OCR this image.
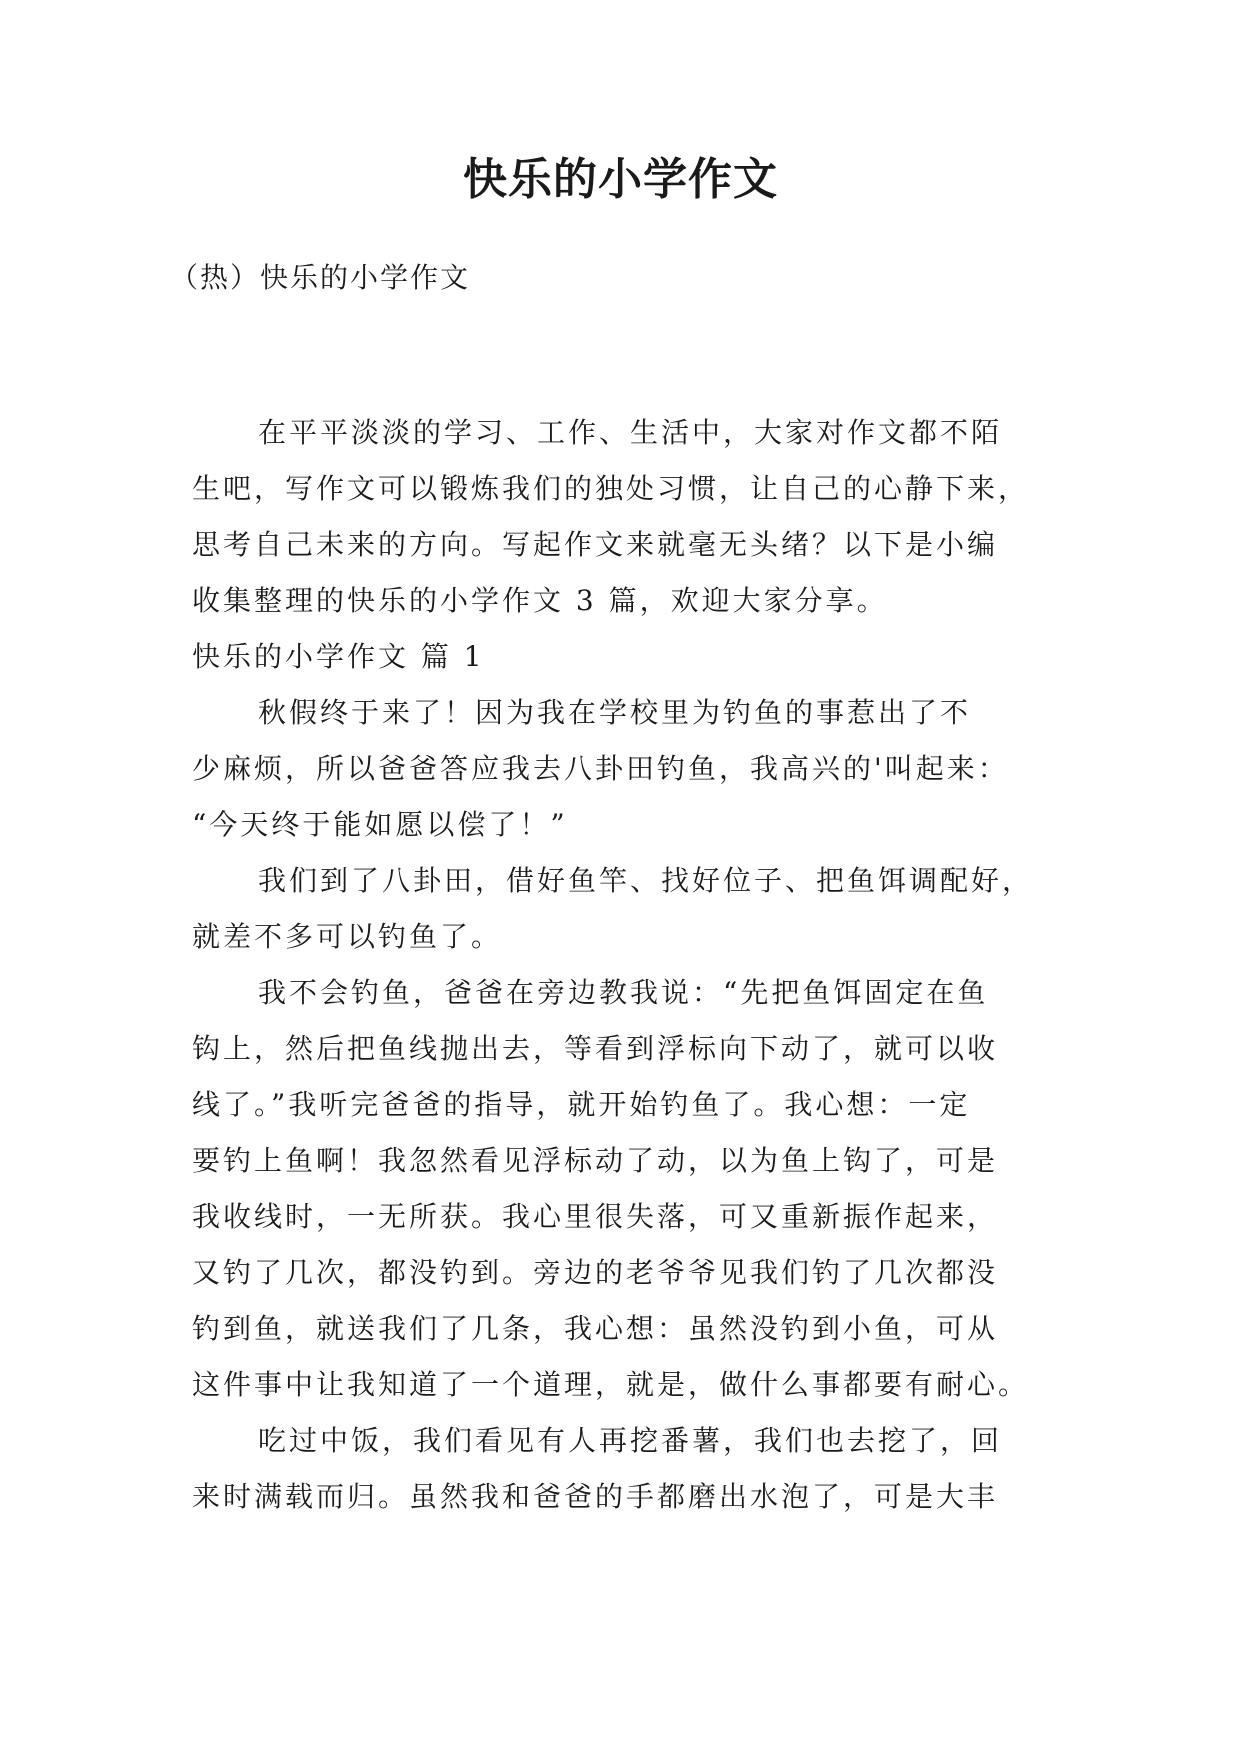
快乐的小学作文
（热）快乐的小学作文
在平平淡淡的学习、工作、生活中，大家对作文都不陌
生吧，写作文可以锻炼我们的独处习惯，让自己的心静下来，
思考自己未来的方向。写起作文来就毫无头绪？以下是小编
收集整理的快乐的小学作文 3 篇，欢迎大家分享。
快乐的小学作文 篇 1
秋假终于来了！因为我在学校里为钓鱼的事惹出了不
少麻烦，所以爸爸答应我去八卦田钓鱼，我高兴的'叫起来：
“今天终于能如愿以偿了！”
我们到了八卦田，借好鱼竿、找好位子、把鱼饵调配好，
就差不多可以钓鱼了。
我不会钓鱼，爸爸在旁边教我说：“先把鱼饵固定在鱼
钩上，然后把鱼线抛出去，等看到浮标向下动了，就可以收
线了。”我听完爸爸的指导，就开始钓鱼了。我心想：一定
要钓上鱼啊！我忽然看见浮标动了动，以为鱼上钩了，可是
我收线时，一无所获。我心里很失落，可又重新振作起来，
又钓了几次，都没钓到。旁边的老爷爷见我们钓了几次都没
钓到鱼，就送我们了几条，我心想：虽然没钓到小鱼，可从
这件事中让我知道了一个道理，就是，做什么事都要有耐心。
吃过中饭，我们看见有人再挖番薯，我们也去挖了，回
来时满载而归。虽然我和爸爸的手都磨出水泡了，可是大丰
